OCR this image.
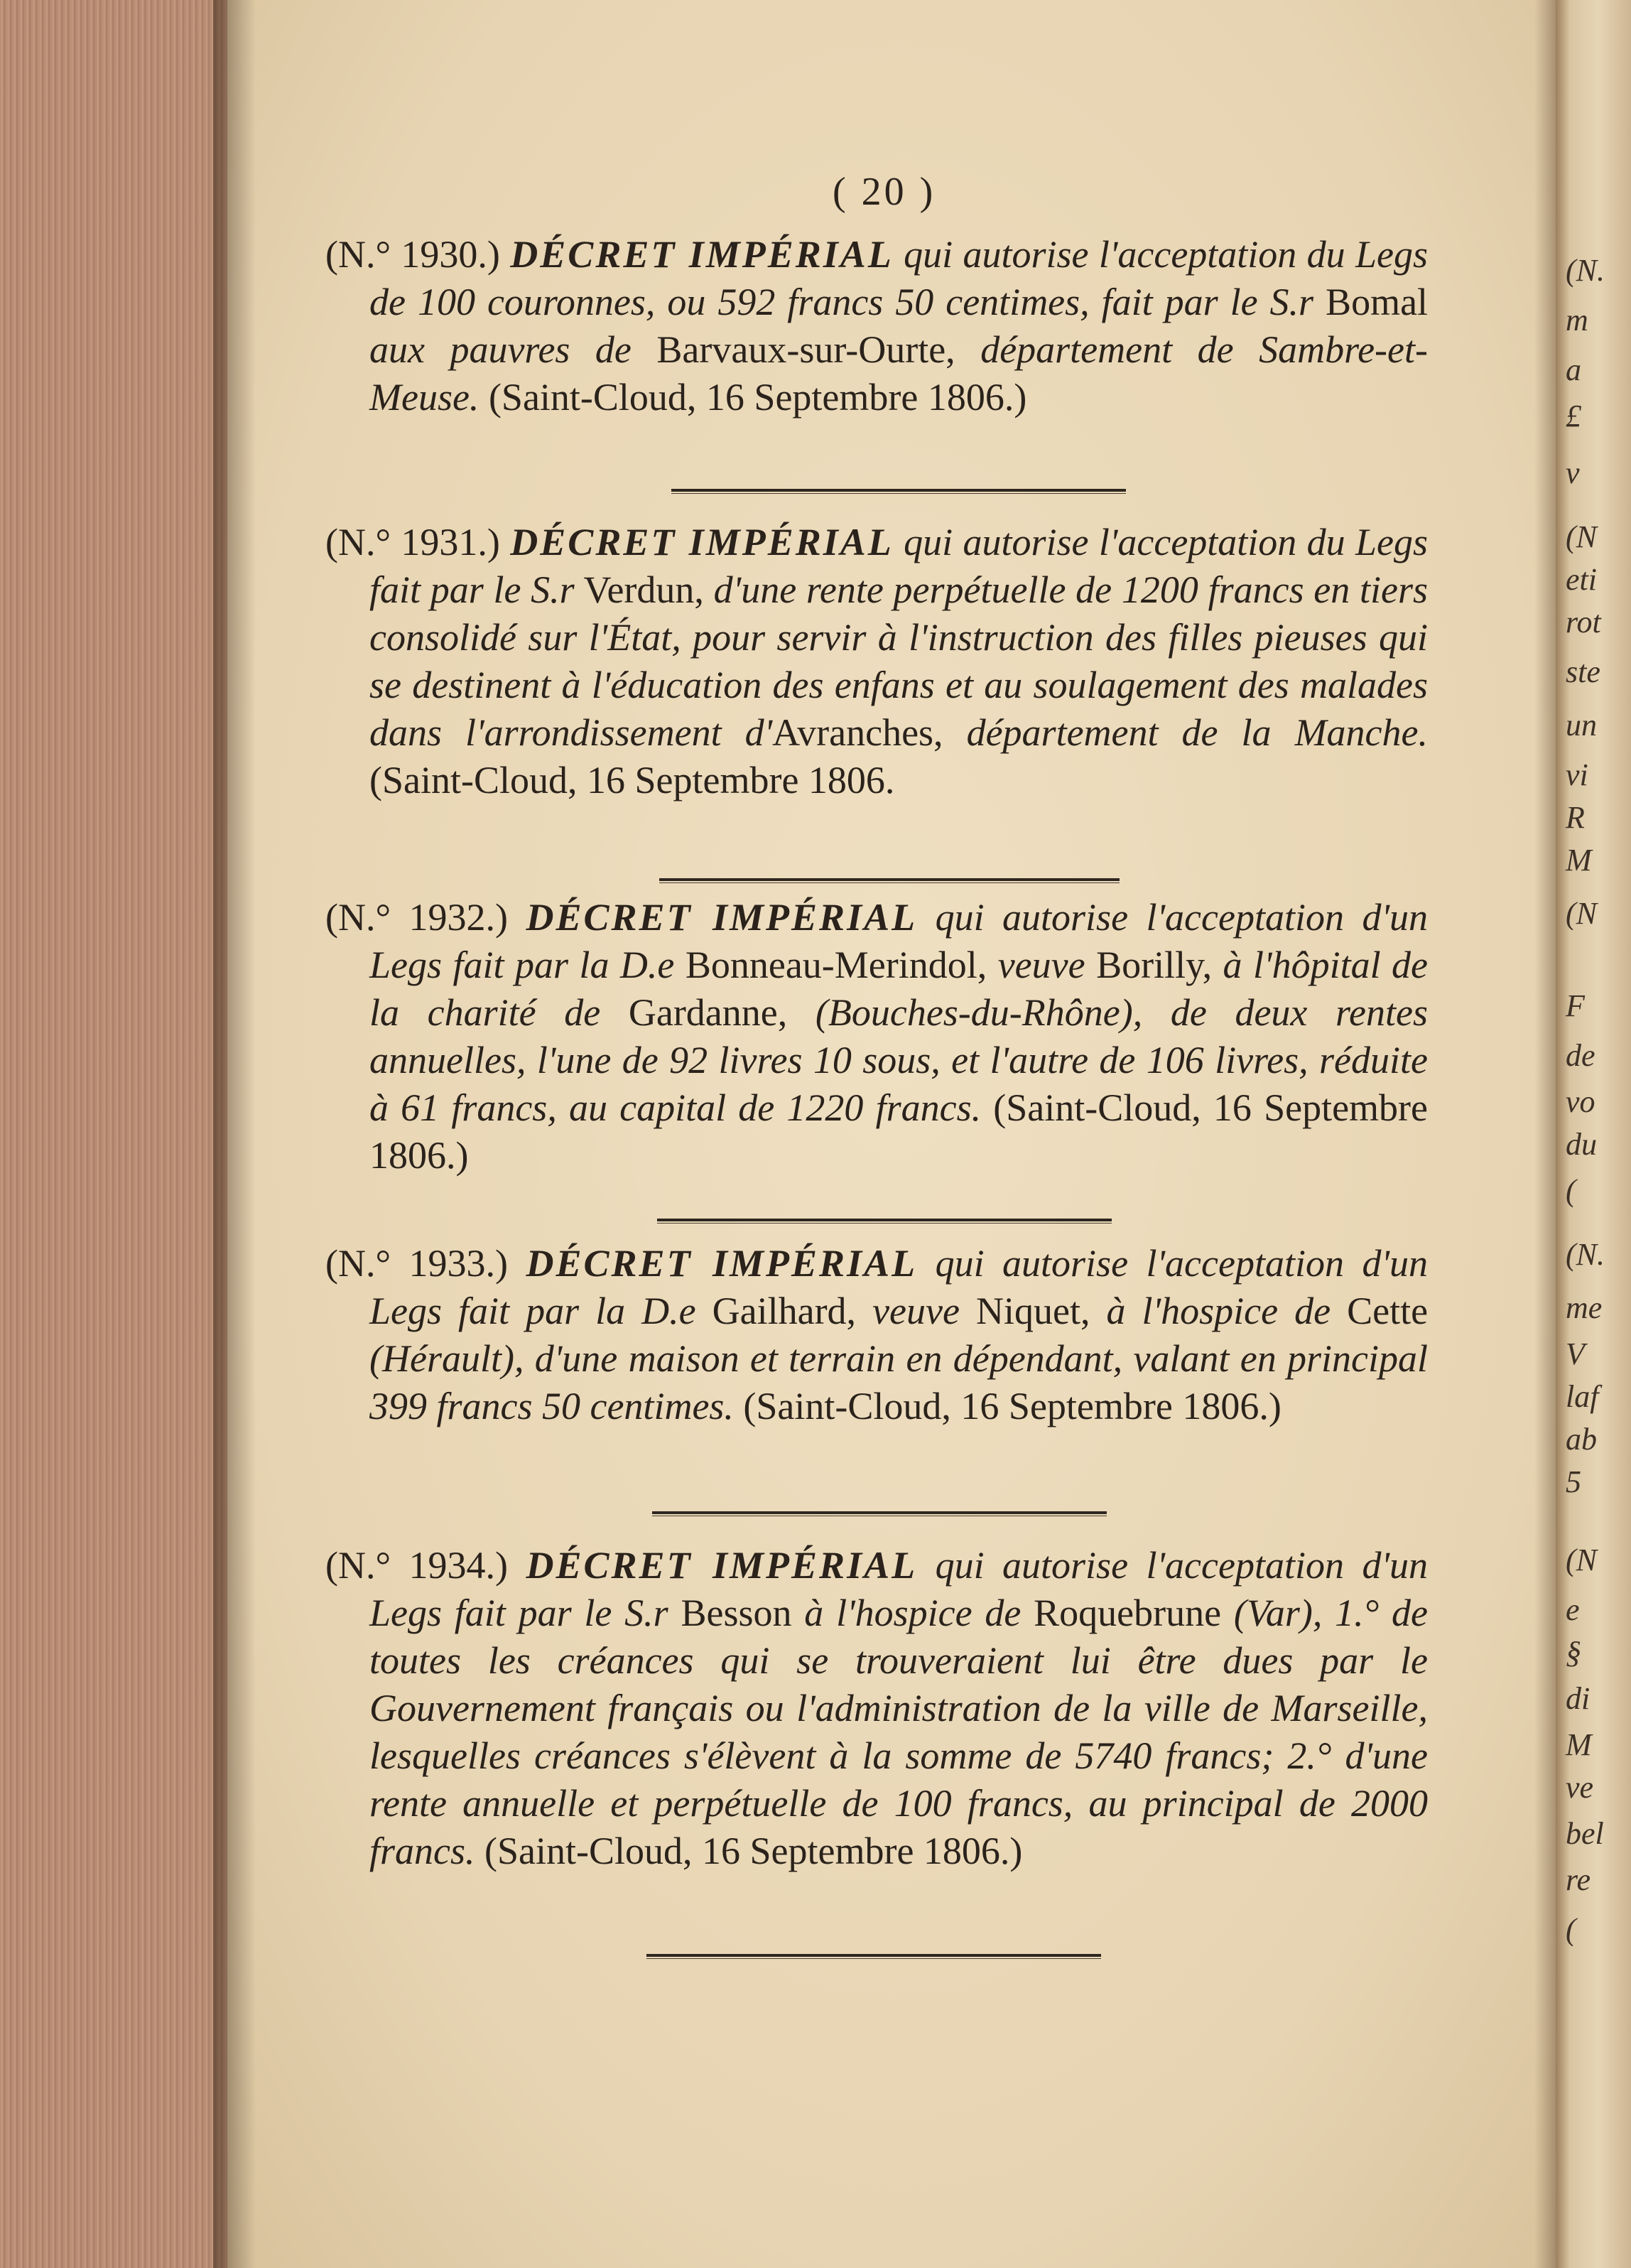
(N.
m
a
£
v
(N
eti
rot
ste
un
vi
R
M
(N
F
de
vo
du
(
(N.
me
V
laf
ab
5
(N
e
§
di
M
ve
bel
re
(
( 20 )
(N.° 1930.) DÉCRET IMPÉRIAL qui autorise l'acceptation du Legs de 100 couronnes, ou 592 francs 50 centimes, fait par le S.r Bomal aux pauvres de Barvaux-sur-Ourte, département de Sambre-et-Meuse. (Saint-Cloud, 16 Septembre 1806.)
(N.° 1931.) DÉCRET IMPÉRIAL qui autorise l'acceptation du Legs fait par le S.r Verdun, d'une rente perpétuelle de 1200 francs en tiers consolidé sur l'État, pour servir à l'instruction des filles pieuses qui se destinent à l'éducation des enfans et au soulagement des malades dans l'arrondissement d'Avranches, département de la Manche. (Saint-Cloud, 16 Septembre 1806.
(N.° 1932.) DÉCRET IMPÉRIAL qui autorise l'acceptation d'un Legs fait par la D.e Bonneau-Merindol, veuve Borilly, à l'hôpital de la charité de Gardanne, (Bouches-du-Rhône), de deux rentes annuelles, l'une de 92 livres 10 sous, et l'autre de 106 livres, réduite à 61 francs, au capital de 1220 francs. (Saint-Cloud, 16 Septembre 1806.)
(N.° 1933.) DÉCRET IMPÉRIAL qui autorise l'acceptation d'un Legs fait par la D.e Gailhard, veuve Niquet, à l'hospice de Cette (Hérault), d'une maison et terrain en dépendant, valant en principal 399 francs 50 centimes. (Saint-Cloud, 16 Septembre 1806.)
(N.° 1934.) DÉCRET IMPÉRIAL qui autorise l'acceptation d'un Legs fait par le S.r Besson à l'hospice de Roquebrune (Var), 1.° de toutes les créances qui se trouveraient lui être dues par le Gouvernement français ou l'administration de la ville de Marseille, lesquelles créances s'élèvent à la somme de 5740 francs; 2.° d'une rente annuelle et perpétuelle de 100 francs, au principal de 2000 francs. (Saint-Cloud, 16 Septembre 1806.)
